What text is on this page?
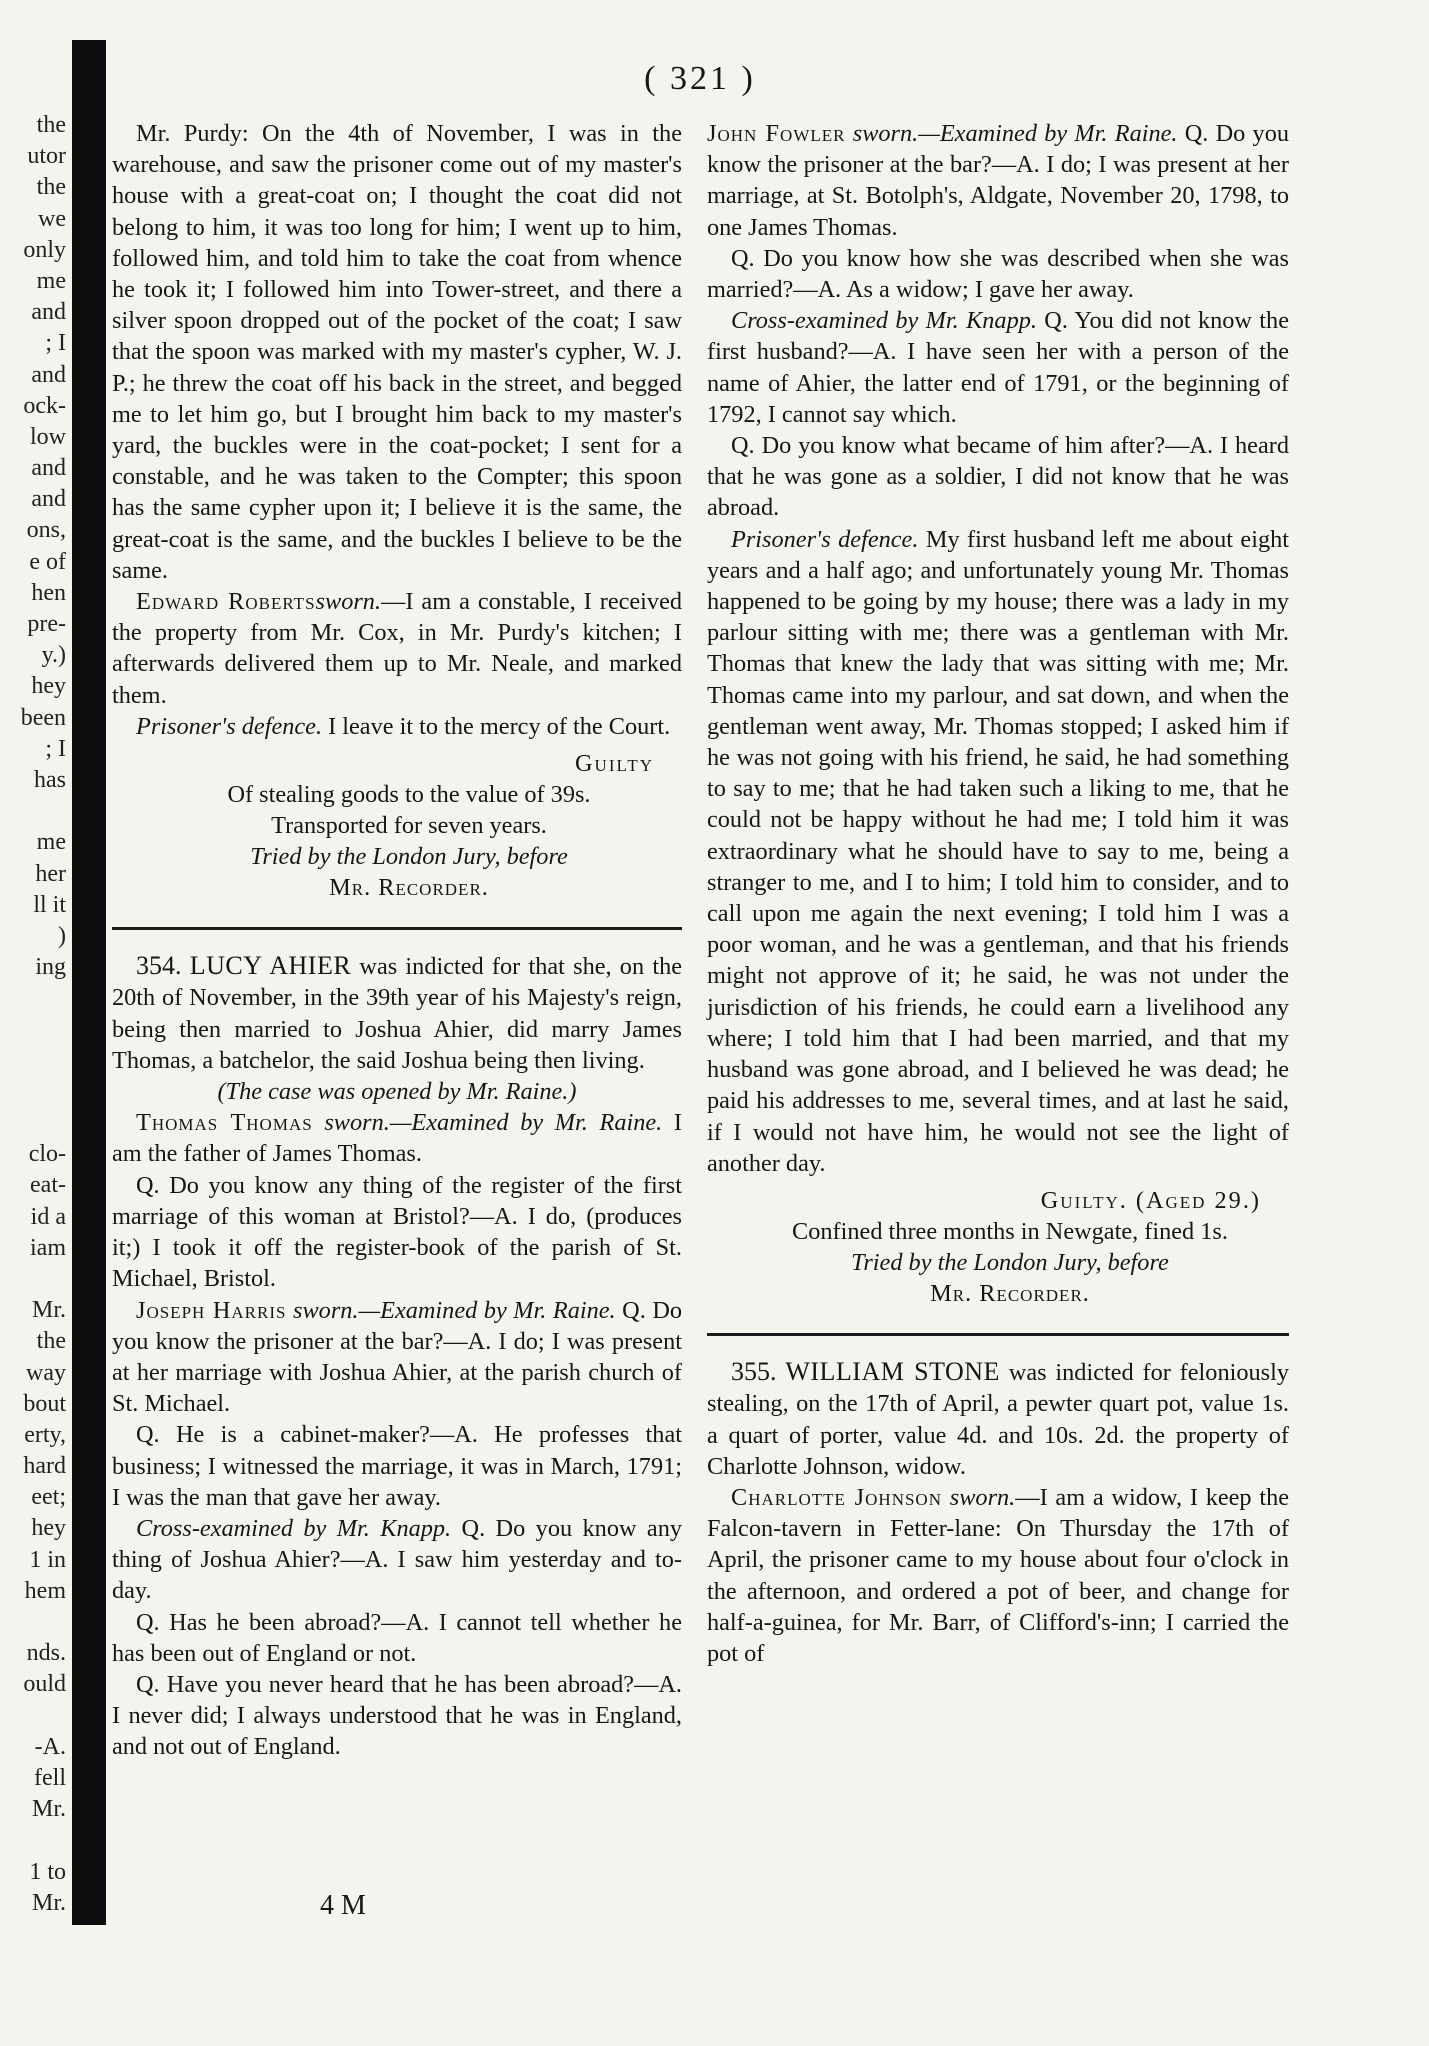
the
utor
the
we
only
me
and
; I
and
ock-
low
and
and
ons,
e of
hen
pre-
y.)
hey
been
; I
has
me
her
ll it
)
ing
clo-
eat-
id a
iam
Mr.
the
way
bout
erty,
hard
eet;
hey
1 in
hem
nds.
ould
-A.
fell
Mr.
1 to
Mr.
( 321 )

Mr. Purdy: On the 4th of November, I was in the warehouse, and saw the prisoner come out of my master's house with a great-coat on; I thought the coat did not belong to him, it was too long for him; I went up to him, followed him, and told him to take the coat from whence he took it; I followed him into Tower-street, and there a silver spoon dropped out of the pocket of the coat; I saw that the spoon was marked with my master's cypher, W. J. P.; he threw the coat off his back in the street, and begged me to let him go, but I brought him back to my master's yard, the buckles were in the coat-pocket; I sent for a constable, and he was taken to the Compter; this spoon has the same cypher upon it; I believe it is the same, the great-coat is the same, and the buckles I believe to be the same.

Edward Robertssworn.—I am a constable, I received the property from Mr. Cox, in Mr. Purdy's kitchen; I afterwards delivered them up to Mr. Neale, and marked them.

Prisoner's defence. I leave it to the mercy of the Court.

Guilty

Of stealing goods to the value of 39s.

Transported for seven years.

Tried by the London Jury, before

Mr. Recorder.

354. LUCY AHIER was indicted for that she, on the 20th of November, in the 39th year of his Majesty's reign, being then married to Joshua Ahier, did marry James Thomas, a batchelor, the said Joshua being then living.

(The case was opened by Mr. Raine.)

Thomas Thomas sworn.—Examined by Mr. Raine. I am the father of James Thomas.

Q. Do you know any thing of the register of the first marriage of this woman at Bristol?—A. I do, (produces it;) I took it off the register-book of the parish of St. Michael, Bristol.

Joseph Harris sworn.—Examined by Mr. Raine. Q. Do you know the prisoner at the bar?—A. I do; I was present at her marriage with Joshua Ahier, at the parish church of St. Michael.

Q. He is a cabinet-maker?—A. He professes that business; I witnessed the marriage, it was in March, 1791; I was the man that gave her away.

Cross-examined by Mr. Knapp. Q. Do you know any thing of Joshua Ahier?—A. I saw him yesterday and to-day.

Q. Has he been abroad?—A. I cannot tell whether he has been out of England or not.

Q. Have you never heard that he has been abroad?—A. I never did; I always understood that he was in England, and not out of England.

John Fowler sworn.—Examined by Mr. Raine. Q. Do you know the prisoner at the bar?—A. I do; I was present at her marriage, at St. Botolph's, Aldgate, November 20, 1798, to one James Thomas.

Q. Do you know how she was described when she was married?—A. As a widow; I gave her away.

Cross-examined by Mr. Knapp. Q. You did not know the first husband?—A. I have seen her with a person of the name of Ahier, the latter end of 1791, or the beginning of 1792, I cannot say which.

Q. Do you know what became of him after?—A. I heard that he was gone as a soldier, I did not know that he was abroad.

Prisoner's defence. My first husband left me about eight years and a half ago; and unfortunately young Mr. Thomas happened to be going by my house; there was a lady in my parlour sitting with me; there was a gentleman with Mr. Thomas that knew the lady that was sitting with me; Mr. Thomas came into my parlour, and sat down, and when the gentleman went away, Mr. Thomas stopped; I asked him if he was not going with his friend, he said, he had something to say to me; that he had taken such a liking to me, that he could not be happy without he had me; I told him it was extraordinary what he should have to say to me, being a stranger to me, and I to him; I told him to consider, and to call upon me again the next evening; I told him I was a poor woman, and he was a gentleman, and that his friends might not approve of it; he said, he was not under the jurisdiction of his friends, he could earn a livelihood any where; I told him that I had been married, and that my husband was gone abroad, and I believed he was dead; he paid his addresses to me, several times, and at last he said, if I would not have him, he would not see the light of another day.

Guilty. (Aged 29.)

Confined three months in Newgate, fined 1s.

Tried by the London Jury, before

Mr. Recorder.

355. WILLIAM STONE was indicted for feloniously stealing, on the 17th of April, a pewter quart pot, value 1s. a quart of porter, value 4d. and 10s. 2d. the property of Charlotte Johnson, widow.

Charlotte Johnson sworn.—I am a widow, I keep the Falcon-tavern in Fetter-lane: On Thursday the 17th of April, the prisoner came to my house about four o'clock in the afternoon, and ordered a pot of beer, and change for half-a-guinea, for Mr. Barr, of Clifford's-inn; I carried the pot of

4 M
